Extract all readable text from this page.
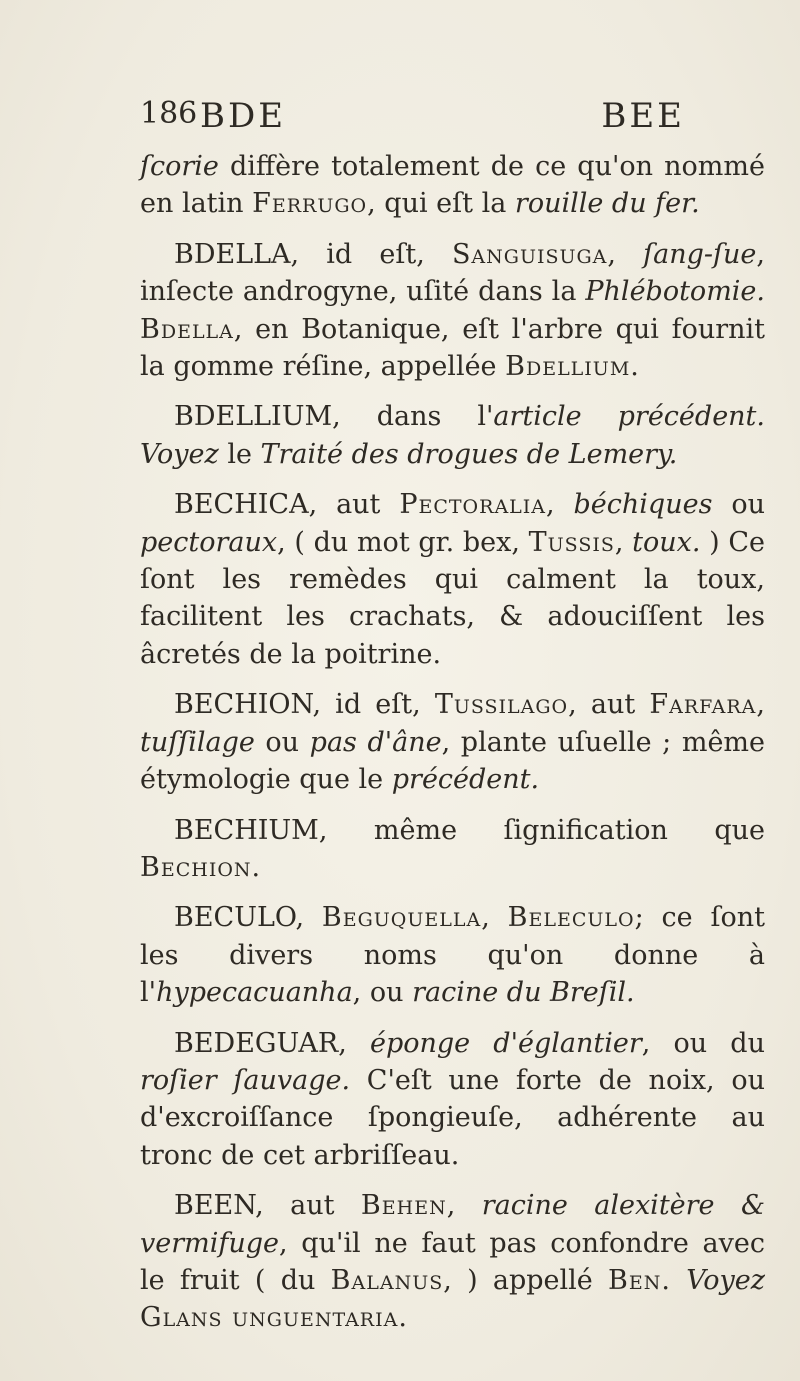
186 BDE	BEE

ſcorie diffère totalement de ce qu'on nommé en latin Ferrugo, qui eſt la rouille du fer.

BDELLA, id eſt, Sanguisuga, ſang-ſue, inſecte androgyne, uſité dans la Phlébotomie. Bdella, en Botanique, eſt l'arbre qui fournit la gomme réſine, appellée Bdellium.

BDELLIUM, dans l'article précédent. Voyez le Traité des drogues de Lemery.

BECHICA, aut Pectoralia, béchiques ou pectoraux, ( du mot gr. bex, Tussis, toux. ) Ce ſont les remèdes qui calment la toux, facilitent les crachats, & adouciſſent les âcretés de la poitrine.

BECHION, id eſt, Tussilago, aut Farfara, tuſſilage ou pas d'âne, plante uſuelle ; même étymologie que le précédent.

BECHIUM, même ſignification que Bechion.

BECULO, Beguquella, Beleculo; ce ſont les divers noms qu'on donne à l'hypecacuanha, ou racine du Breſil.

BEDEGUAR, éponge d'églantier, ou du roſier ſauvage. C'eſt une forte de noix, ou d'excroiſſance ſpongieuſe, adhérente au tronc de cet arbriſſeau.

BEEN, aut Behen, racine alexitère & vermifuge, qu'il ne faut pas confondre avec le fruit ( du Balanus, ) appellé Ben. Voyez Glans unguentaria.
